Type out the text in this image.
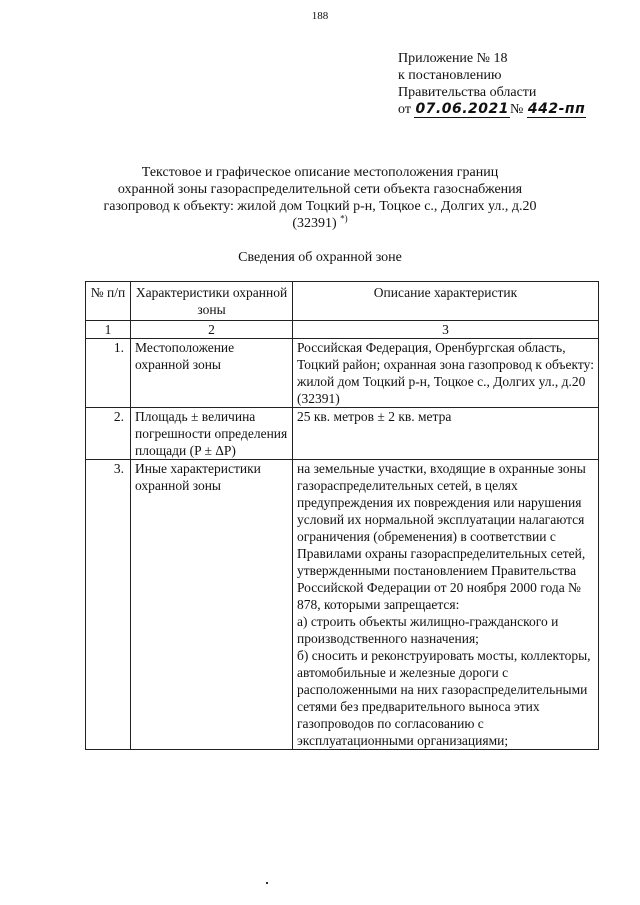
188
Приложение № 18
к постановлению
Правительства области
от 07.06.2021№ 442-пп
Текстовое и графическое описание местоположения границ
охранной зоны газораспределительной сети объекта газоснабжения
газопровод к объекту: жилой дом Тоцкий р-н, Тоцкое с., Долгих ул., д.20
(32391) *)
Сведения об охранной зоне
№ п/п	Характеристики охранной зоны	Описание характеристик
1	2	3
1.	Местоположение охранной зоны	Российская Федерация, Оренбургская область, Тоцкий район; охранная зона газопровод к объекту: жилой дом Тоцкий р-н, Тоцкое с., Долгих ул., д.20 (32391)
2.	Площадь ± величина погрешности определения площади (P ± ΔP)	25 кв. метров ± 2 кв. метра
3.	Иные характеристики охранной зоны	на земельные участки, входящие в охранные зоны газораспределительных сетей, в целях предупреждения их повреждения или нарушения условий их нормальной эксплуатации налагаются ограничения (обременения) в соответствии с Правилами охраны газораспределительных сетей, утвержденными постановлением Правительства Российской Федерации от 20 ноября 2000 года № 878, которыми запрещается:
а) строить объекты жилищно-гражданского и производственного назначения;
б) сносить и реконструировать мосты, коллекторы, автомобильные и железные дороги с расположенными на них газораспределительными сетями без предварительного выноса этих газопроводов по согласованию с эксплуатационными организациями;
